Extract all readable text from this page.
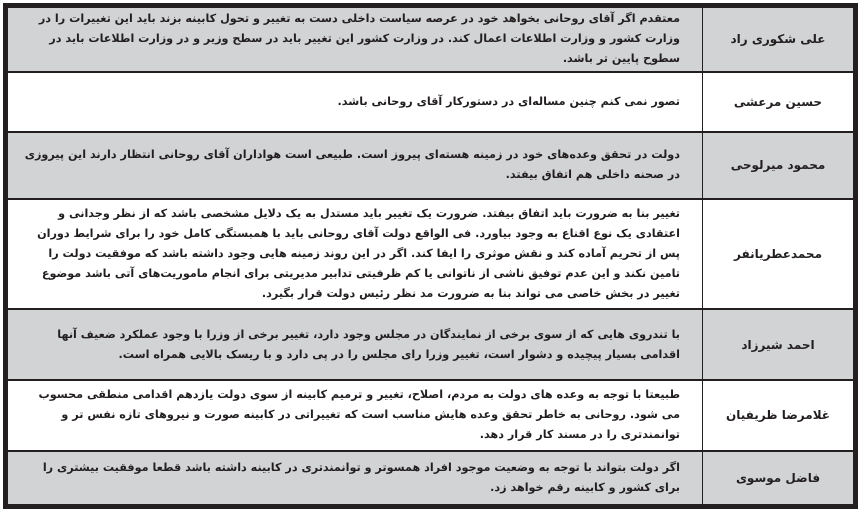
علی شکوری راد	معتقدم اگر آقای روحانی بخواهد خود در عرصه سیاست داخلی دست به تغییر و تحول کابینه بزند باید این تغییرات را در وزارت کشور و وزارت اطلاعات اعمال کند. در وزارت کشور این تغییر باید در سطح وزیر و در وزارت اطلاعات باید در سطوح پایین تر باشد.
حسین مرعشی	تصور نمی کنم چنین مساله‌ای در دستورکار آقای روحانی باشد.
محمود میرلوحی	دولت در تحقق وعده‌های خود در زمینه هسته‌ای پیروز است. طبیعی است هواداران آقای روحانی انتظار دارند این پیروزی در صحنه داخلی هم اتفاق بیفتد.
محمدعطریانفر	تغییر بنا به ضرورت باید اتفاق بیفتد. ضرورت یک تغییر باید مستدل به یک دلایل مشخصی باشد که از نظر وجدانی و اعتقادی یک نوع اقناع به وجود بیاورد. فی الواقع دولت آقای روحانی باید با همبستگی کامل خود را برای شرایط دوران پس از تحریم آماده کند و نقش موثری را ایفا کند. اگر در این روند زمینه هایی وجود داشته باشد که موفقیت دولت را تامین نکند و این عدم توفیق ناشی از ناتوانی یا کم ظرفیتی تدابیر مدیریتی برای انجام ماموریت‌های آتی باشد موضوع تغییر در بخش خاصی می تواند بنا به ضرورت مد نظر رئیس دولت قرار بگیرد.
احمد شیرزاد	با تندروی هایی که از سوی برخی از نمایندگان در مجلس وجود دارد، تغییر برخی از وزرا با وجود عملکرد ضعیف آنها اقدامی بسیار پیچیده و دشوار است، تغییر وزرا رای مجلس را در پی دارد و با ریسک بالایی همراه است.
غلامرضا ظریفیان	طبیعتا با توجه به وعده های دولت به مردم، اصلاح، تغییر و ترمیم کابینه از سوی دولت یازدهم اقدامی منطقی محسوب می شود. روحانی به خاطر تحقق وعده هایش مناسب است که تغییراتی در کابینه صورت و نیروهای تازه نفس تر و توانمندتری را در مسند کار قرار دهد.
فاضل موسوی	اگر دولت بتواند با توجه به وضعیت موجود افراد همسوتر و توانمندتری در کابینه داشته باشد قطعا موفقیت بیشتری را برای کشور و کابینه رقم خواهد زد.
